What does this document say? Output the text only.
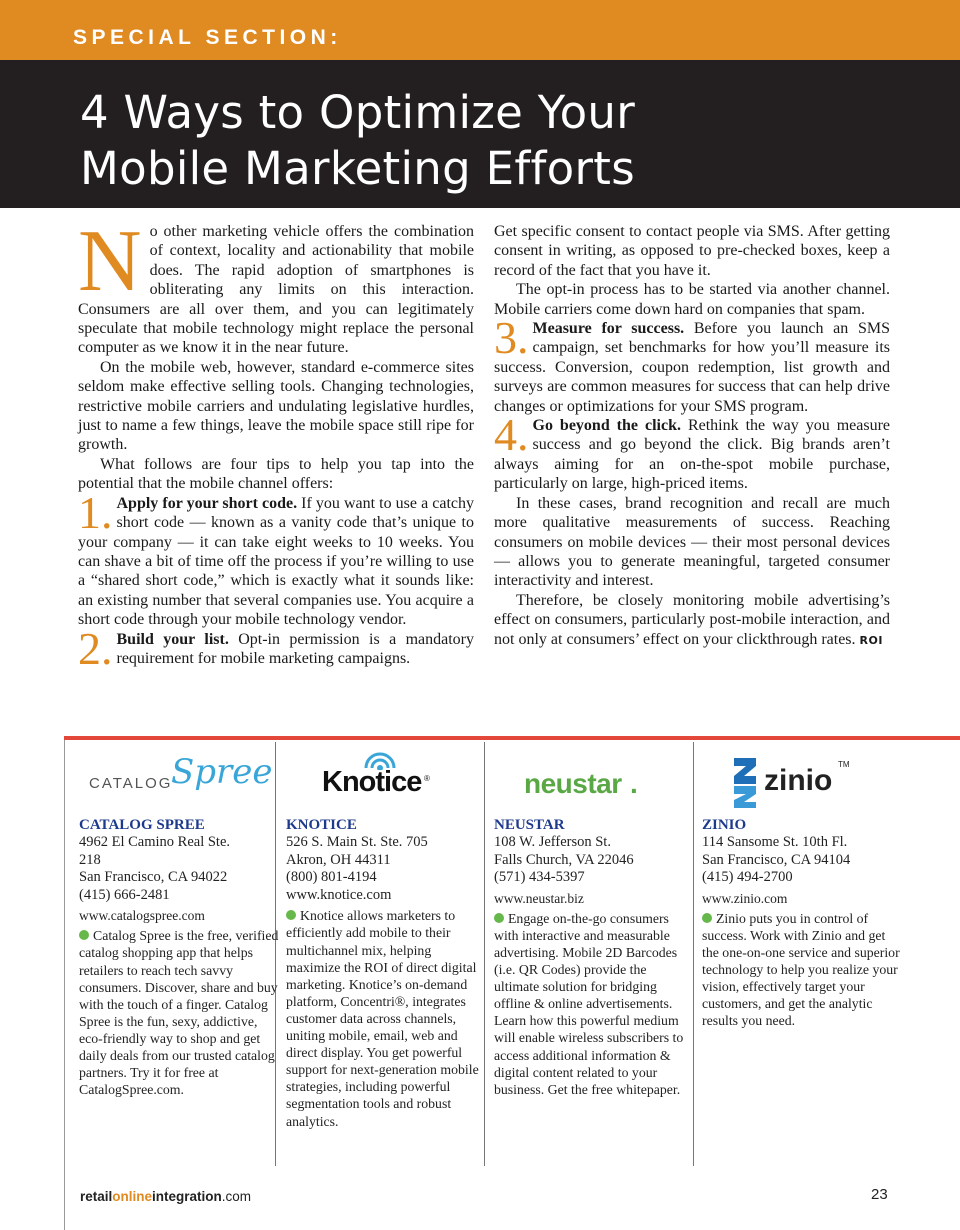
SPECIAL SECTION:
4 Ways to Optimize Your
Mobile Marketing Efforts

No other marketing vehicle offers the combination of context, locality and actionability that mobile does. The rapid adoption of smartphones is obliterating any limits on this interaction. Consumers are all over them, and you can legitimately speculate that mobile technology might replace the personal computer as we know it in the near future.

On the mobile web, however, standard e-commerce sites seldom make effective selling tools. Changing technologies, restrictive mobile carriers and undulating legislative hurdles, just to name a few things, leave the mobile space still ripe for growth.

What follows are four tips to help you tap into the potential that the mobile channel offers:

1. Apply for your short code. If you want to use a catchy short code — known as a vanity code that’s unique to your company — it can take eight weeks to 10 weeks. You can shave a bit of time off the process if you’re willing to use a “shared short code,” which is exactly what it sounds like: an existing number that several companies use. You acquire a short code through your mobile technology vendor.

2. Build your list. Opt-in permission is a mandatory requirement for mobile marketing campaigns.

Get specific consent to contact people via SMS. After getting consent in writing, as opposed to pre-checked boxes, keep a record of the fact that you have it.

The opt-in process has to be started via another channel. Mobile carriers come down hard on companies that spam.

3. Measure for success. Before you launch an SMS campaign, set benchmarks for how you’ll measure its success. Conversion, coupon redemption, list growth and surveys are common measures for success that can help drive changes or optimizations for your SMS program.

4. Go beyond the click. Rethink the way you measure success and go beyond the click. Big brands aren’t always aiming for an on-the-spot mobile purchase, particularly on large, high-priced items.

In these cases, brand recognition and recall are much more qualitative measurements of success. Reaching consumers on mobile devices — their most personal devices — allows you to generate meaningful, targeted consumer interactivity and interest.

Therefore, be closely monitoring mobile advertising’s effect on consumers, particularly post-mobile interaction, and not only at consumers’ effect on your clickthrough rates. ROI

CATALOG
Spree
CATALOG SPREE
4962 El Camino Real Ste.
218
San Francisco, CA 94022
(415) 666-2481
www.catalogspree.com
Catalog Spree is the free, verified catalog shopping app that helps retailers to reach tech savvy consumers. Discover, share and buy with the touch of a finger. Catalog Spree is the fun, sexy, addictive, eco-friendly way to shop and get daily deals from our trusted catalog partners. Try it for free at CatalogSpree.com.
Knotice ®
KNOTICE
526 S. Main St. Ste. 705
Akron, OH 44311
(800) 801-4194
www.knotice.com
Knotice allows marketers to efficiently add mobile to their multichannel mix, helping maximize the ROI of direct digital marketing. Knotice’s on-demand platform, Concentri®, integrates customer data across channels, uniting mobile, email, web and direct display. You get powerful support for next-generation mobile strategies, including powerful segmentation tools and robust analytics.
neustar .
NEUSTAR
108 W. Jefferson St.
Falls Church, VA 22046
(571) 434-5397
www.neustar.biz
Engage on-the-go consumers with interactive and measurable advertising. Mobile 2D Barcodes (i.e. QR Codes) provide the ultimate solution for bridging offline & online advertisements. Learn how this powerful medium will enable wireless subscribers to access additional information & digital content related to your business. Get the free whitepaper.
zinio TM
ZINIO
114 Sansome St. 10th Fl.
San Francisco, CA 94104
(415) 494-2700
www.zinio.com
Zinio puts you in control of success. Work with Zinio and get the one-on-one service and superior technology to help you realize your vision, effectively target your customers, and get the analytic results you need.
retailonlineintegration.com	23
